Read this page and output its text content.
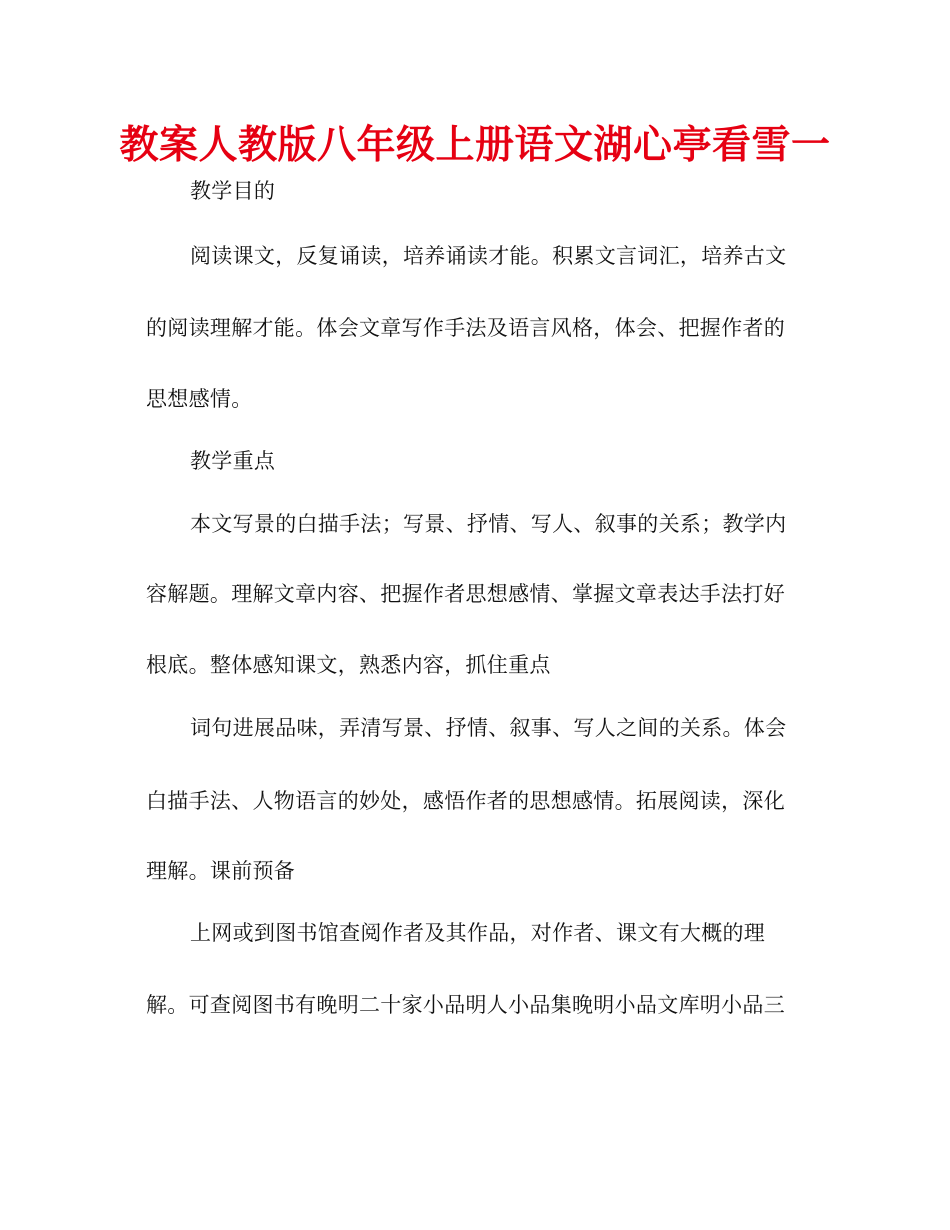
教案人教版八年级上册语文湖心亭看雪一
教学目的
阅读课文，反复诵读，培养诵读才能。积累文言词汇，培养古文
的阅读理解才能。体会文章写作手法及语言风格，体会、把握作者的
思想感情。
教学重点
本文写景的白描手法；写景、抒情、写人、叙事的关系；教学内
容解题。理解文章内容、把握作者思想感情、掌握文章表达手法打好
根底。整体感知课文，熟悉内容，抓住重点
词句进展品味，弄清写景、抒情、叙事、写人之间的关系。体会
白描手法、人物语言的妙处，感悟作者的思想感情。拓展阅读，深化
理解。课前预备
上网或到图书馆查阅作者及其作品，对作者、课文有大概的理
解。可查阅图书有晚明二十家小品明人小品集晚明小品文库明小品三
